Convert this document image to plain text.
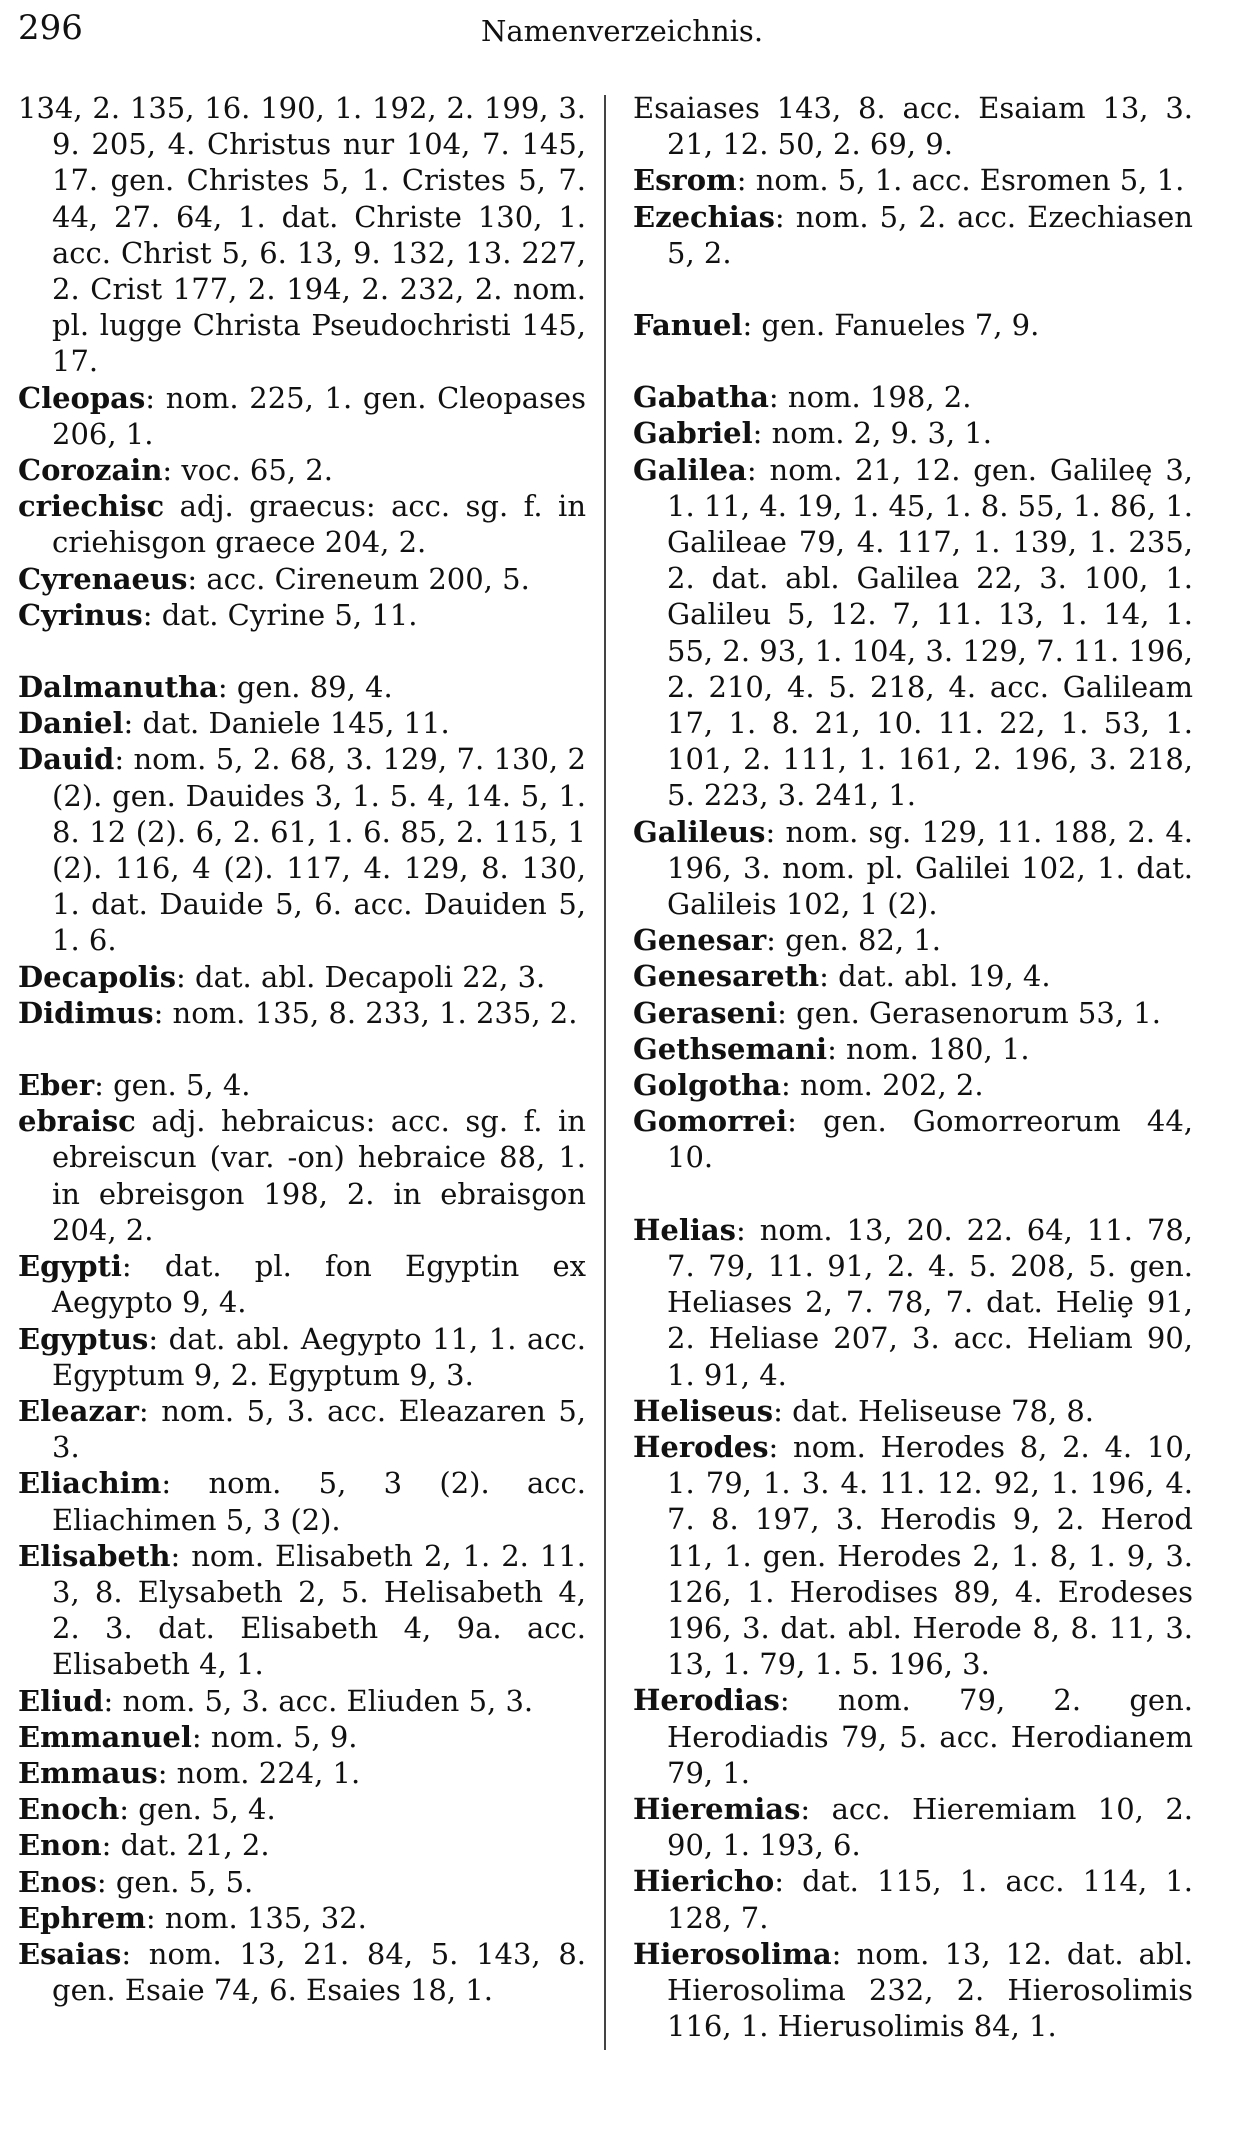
296	Namenverzeichnis.
134, 2. 135, 16. 190, 1. 192, 2. 199, 3. 9. 205, 4. Christus nur 104, 7. 145, 17. gen. Christes 5, 1. Cristes 5, 7. 44, 27. 64, 1. dat. Christe 130, 1. acc. Christ 5, 6. 13, 9. 132, 13. 227, 2. Crist 177, 2. 194, 2. 232, 2. nom. pl. lugge Christa Pseudochristi 145, 17.
Cleopas: nom. 225, 1. gen. Cleopases 206, 1.
Corozain: voc. 65, 2.
criechisc adj. graecus: acc. sg. f. in criehisgon graece 204, 2.
Cyrenaeus: acc. Cireneum 200, 5.
Cyrinus: dat. Cyrine 5, 11.
Dalmanutha: gen. 89, 4.
Daniel: dat. Daniele 145, 11.
Dauid: nom. 5, 2. 68, 3. 129, 7. 130, 2 (2). gen. Dauides 3, 1. 5. 4, 14. 5, 1. 8. 12 (2). 6, 2. 61, 1. 6. 85, 2. 115, 1 (2). 116, 4 (2). 117, 4. 129, 8. 130, 1. dat. Dauide 5, 6. acc. Dauiden 5, 1. 6.
Decapolis: dat. abl. Decapoli 22, 3.
Didimus: nom. 135, 8. 233, 1. 235, 2.
Eber: gen. 5, 4.
ebraisc adj. hebraicus: acc. sg. f. in ebreiscun (var. -on) hebraice 88, 1. in ebreisgon 198, 2. in ebraisgon 204, 2.
Egypti: dat. pl. fon Egyptin ex Aegypto 9, 4.
Egyptus: dat. abl. Aegypto 11, 1. acc. Egyptum 9, 2. Egyptum 9, 3.
Eleazar: nom. 5, 3. acc. Eleazaren 5, 3.
Eliachim: nom. 5, 3 (2). acc. Eliachimen 5, 3 (2).
Elisabeth: nom. Elisabeth 2, 1. 2. 11. 3, 8. Elysabeth 2, 5. Helisabeth 4, 2. 3. dat. Elisabeth 4, 9a. acc. Elisabeth 4, 1.
Eliud: nom. 5, 3. acc. Eliuden 5, 3.
Emmanuel: nom. 5, 9.
Emmaus: nom. 224, 1.
Enoch: gen. 5, 4.
Enon: dat. 21, 2.
Enos: gen. 5, 5.
Ephrem: nom. 135, 32.
Esaias: nom. 13, 21. 84, 5. 143, 8. gen. Esaie 74, 6. Esaies 18, 1.
Esaiases 143, 8. acc. Esaiam 13, 3. 21, 12. 50, 2. 69, 9.
Esrom: nom. 5, 1. acc. Esromen 5, 1.
Ezechias: nom. 5, 2. acc. Ezechiasen 5, 2.
Fanuel: gen. Fanueles 7, 9.
Gabatha: nom. 198, 2.
Gabriel: nom. 2, 9. 3, 1.
Galilea: nom. 21, 12. gen. Galileę 3, 1. 11, 4. 19, 1. 45, 1. 8. 55, 1. 86, 1. Galileae 79, 4. 117, 1. 139, 1. 235, 2. dat. abl. Galilea 22, 3. 100, 1. Galileu 5, 12. 7, 11. 13, 1. 14, 1. 55, 2. 93, 1. 104, 3. 129, 7. 11. 196, 2. 210, 4. 5. 218, 4. acc. Galileam 17, 1. 8. 21, 10. 11. 22, 1. 53, 1. 101, 2. 111, 1. 161, 2. 196, 3. 218, 5. 223, 3. 241, 1.
Galileus: nom. sg. 129, 11. 188, 2. 4. 196, 3. nom. pl. Galilei 102, 1. dat. Galileis 102, 1 (2).
Genesar: gen. 82, 1.
Genesareth: dat. abl. 19, 4.
Geraseni: gen. Gerasenorum 53, 1.
Gethsemani: nom. 180, 1.
Golgotha: nom. 202, 2.
Gomorrei: gen. Gomorreorum 44, 10.
Helias: nom. 13, 20. 22. 64, 11. 78, 7. 79, 11. 91, 2. 4. 5. 208, 5. gen. Heliases 2, 7. 78, 7. dat. Heliȩ 91, 2. Heliase 207, 3. acc. Heliam 90, 1. 91, 4.
Heliseus: dat. Heliseuse 78, 8.
Herodes: nom. Herodes 8, 2. 4. 10, 1. 79, 1. 3. 4. 11. 12. 92, 1. 196, 4. 7. 8. 197, 3. Herodis 9, 2. Herod 11, 1. gen. Herodes 2, 1. 8, 1. 9, 3. 126, 1. Herodises 89, 4. Erodeses 196, 3. dat. abl. Herode 8, 8. 11, 3. 13, 1. 79, 1. 5. 196, 3.
Herodias: nom. 79, 2. gen. Herodiadis 79, 5. acc. Herodianem 79, 1.
Hieremias: acc. Hieremiam 10, 2. 90, 1. 193, 6.
Hiericho: dat. 115, 1. acc. 114, 1. 128, 7.
Hierosolima: nom. 13, 12. dat. abl. Hierosolima 232, 2. Hierosolimis 116, 1. Hierusolimis 84, 1.
